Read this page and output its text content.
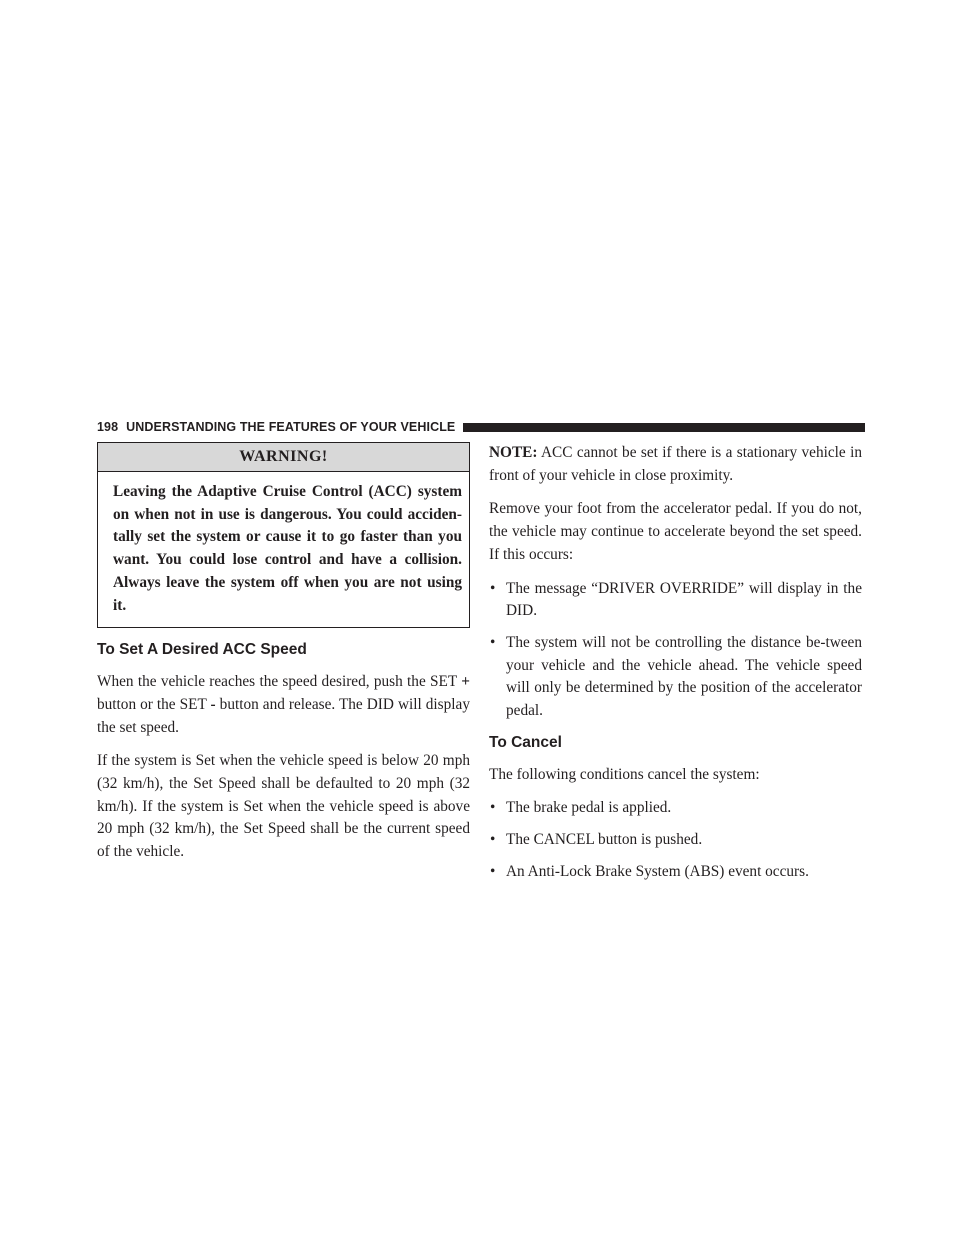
198 UNDERSTANDING THE FEATURES OF YOUR VEHICLE
WARNING!
Leaving the Adaptive Cruise Control (ACC) system on when not in use is dangerous. You could acciden-tally set the system or cause it to go faster than you want. You could lose control and have a collision. Always leave the system off when you are not using it.
To Set A Desired ACC Speed

When the vehicle reaches the speed desired, push the SET + button or the SET - button and release. The DID will display the set speed.

If the system is Set when the vehicle speed is below 20 mph (32 km/h), the Set Speed shall be defaulted to 20 mph (32 km/h). If the system is Set when the vehicle speed is above 20 mph (32 km/h), the Set Speed shall be the current speed of the vehicle.

NOTE: ACC cannot be set if there is a stationary vehicle in front of your vehicle in close proximity.

Remove your foot from the accelerator pedal. If you do not, the vehicle may continue to accelerate beyond the set speed. If this occurs:

• The message “DRIVER OVERRIDE” will display in the DID.
• The system will not be controlling the distance be-tween your vehicle and the vehicle ahead. The vehicle speed will only be determined by the position of the accelerator pedal.
To Cancel

The following conditions cancel the system:

• The brake pedal is applied.
• The CANCEL button is pushed.
• An Anti-Lock Brake System (ABS) event occurs.
